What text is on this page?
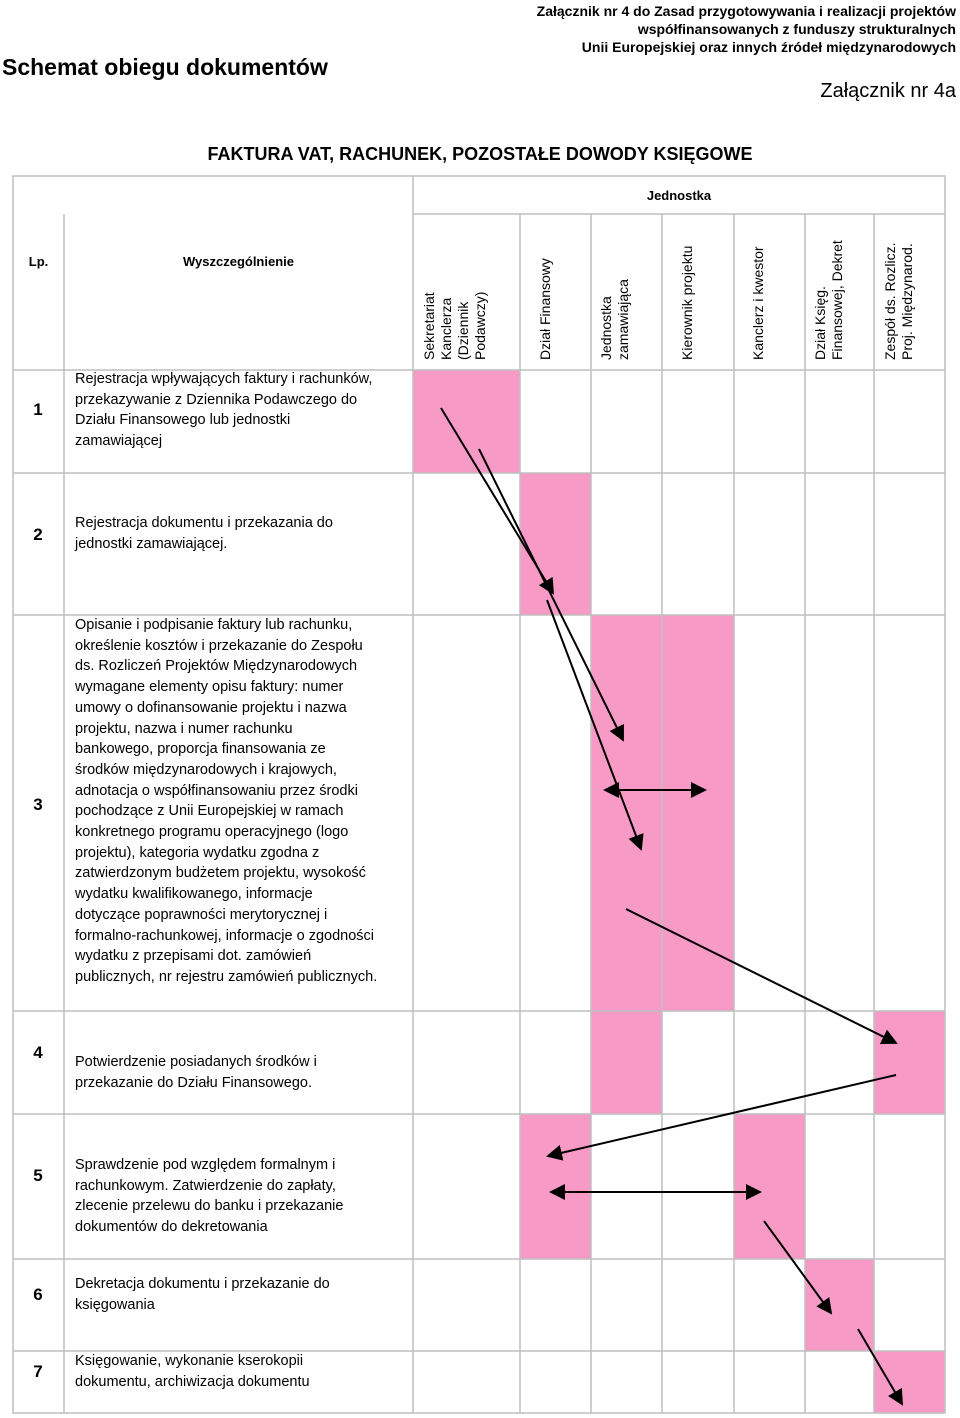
Załącznik nr 4 do Zasad przygotowywania i realizacji projektów
współfinansowanych z funduszy strukturalnych
Unii Europejskiej oraz innych źródeł międzynarodowych
Schemat obiegu dokumentów
Załącznik nr 4a
FAKTURA VAT, RACHUNEK, POZOSTAŁE DOWODY KSIĘGOWE
Jednostka
Lp.	Wyszczególnienie
Sekretariat Kanclerza (Dziennik Podawczy)	Dział Finansowy	Jednostka zamawiająca	Kierownik projektu	Kanclerz i kwestor	Dział Księg. Finansowej, Dekret	Zespół ds. Rozlicz. Proj. Międzynarod.
1
Rejestracja wpływających faktury i rachunków,
przekazywanie z Dziennika Podawczego do
Działu Finansowego lub jednostki
zamawiającej
2
Rejestracja dokumentu i przekazania do
jednostki zamawiającej.
3
Opisanie i podpisanie faktury lub rachunku,
określenie kosztów i przekazanie do Zespołu
ds. Rozliczeń Projektów Międzynarodowych
wymagane elementy opisu faktury: numer
umowy o dofinansowanie projektu i nazwa
projektu, nazwa i numer rachunku
bankowego, proporcja finansowania ze
środków międzynarodowych i krajowych,
adnotacja o współfinansowaniu przez środki
pochodzące z Unii Europejskiej w ramach
konkretnego programu operacyjnego (logo
projektu), kategoria wydatku zgodna z
zatwierdzonym budżetem projektu, wysokość
wydatku kwalifikowanego, informacje
dotyczące poprawności merytorycznej i
formalno-rachunkowej, informacje o zgodności
wydatku z przepisami dot. zamówień
publicznych, nr rejestru zamówień publicznych.
4	Potwierdzenie posiadanych środków i
przekazanie do Działu Finansowego.
5
Sprawdzenie pod względem formalnym i
rachunkowym. Zatwierdzenie do zapłaty,
zlecenie przelewu do banku i przekazanie
dokumentów do dekretowania
6
Dekretacja dokumentu i przekazanie do
księgowania
7
Księgowanie, wykonanie kserokopii
dokumentu, archiwizacja dokumentu
